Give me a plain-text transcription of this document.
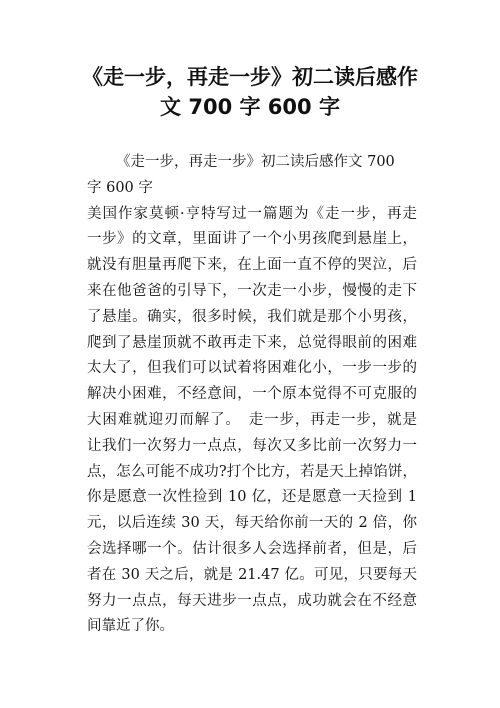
《走一步，再走一步》初二读后感作
文 700 字 600 字
《走一步，再走一步》初二读后感作文 700
字 600 字
美国作家莫顿·亨特写过一篇题为《走一步，再走
一步》的文章，里面讲了一个小男孩爬到悬崖上，
就没有胆量再爬下来，在上面一直不停的哭泣，后
来在他爸爸的引导下，一次走一小步，慢慢的走下
了悬崖。确实，很多时候，我们就是那个小男孩，
爬到了悬崖顶就不敢再走下来，总觉得眼前的困难
太大了，但我们可以试着将困难化小，一步一步的
解决小困难，不经意间，一个原本觉得不可克服的
大困难就迎刃而解了。　走一步，再走一步，就是
让我们一次努力一点点，每次又多比前一次努力一
点，怎么可能不成功?打个比方，若是天上掉馅饼，
你是愿意一次性捡到 10 亿，还是愿意一天捡到 1
元，以后连续 30 天，每天给你前一天的 2 倍，你
会选择哪一个。估计很多人会选择前者，但是，后
者在 30 天之后，就是 21.47 亿。可见，只要每天
努力一点点，每天进步一点点，成功就会在不经意
间靠近了你。
